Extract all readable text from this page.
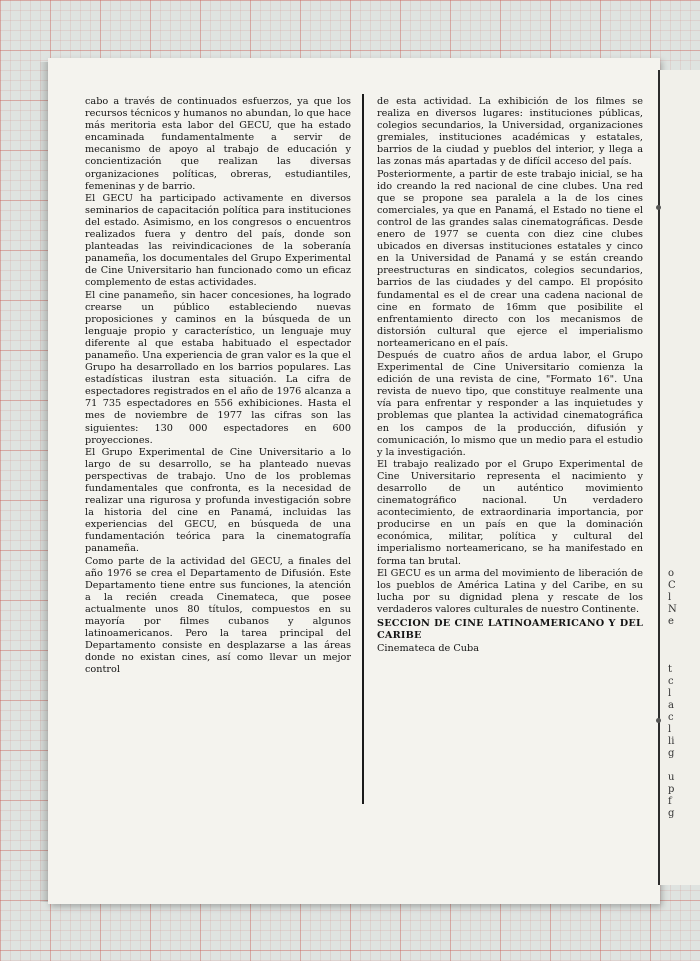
cabo a través de continuados esfuerzos, ya que los recursos técnicos y humanos no abundan, lo que hace más meritoria esta labor del GECU, que ha estado encaminada fundamentalmente a servir de mecanismo de apoyo al trabajo de educación y concientización que realizan las diversas organizaciones políticas, obreras, estudiantiles, femeninas y de barrio.

El GECU ha participado activamente en diversos seminarios de capacitación política para instituciones del estado. Asimismo, en los congresos o encuentros realizados fuera y dentro del país, donde son planteadas las reivindicaciones de la soberanía panameña, los documentales del Grupo Experimental de Cine Universitario han funcionado como un eficaz complemento de estas actividades.

El cine panameño, sin hacer concesiones, ha logrado crearse un público estableciendo nuevas proposiciones y caminos en la búsqueda de un lenguaje propio y característico, un lenguaje muy diferente al que estaba habituado el espectador panameño. Una experiencia de gran valor es la que el Grupo ha desarrollado en los barrios populares. Las estadísticas ilustran esta situación. La cifra de espectadores registrados en el año de 1976 alcanza a 71 735 espectadores en 556 exhibiciones. Hasta el mes de noviembre de 1977 las cifras son las siguientes: 130 000 espectadores en 600 proyecciones.

El Grupo Experimental de Cine Universitario a lo largo de su desarrollo, se ha planteado nuevas perspectivas de trabajo. Uno de los problemas fundamentales que confronta, es la necesidad de realizar una rigurosa y profunda investigación sobre la historia del cine en Panamá, incluidas las experiencias del GECU, en búsqueda de una fundamentación teórica para la cinematografía panameña.

Como parte de la actividad del GECU, a finales del año 1976 se crea el Departamento de Difusión. Este Departamento tiene entre sus funciones, la atención a la recién creada Cinemateca, que posee actualmente unos 80 títulos, compuestos en su mayoría por filmes cubanos y algunos latinoamericanos. Pero la tarea principal del Departamento consiste en desplazarse a las áreas donde no existan cines, así como llevar un mejor control

de esta actividad. La exhibición de los filmes se realiza en diversos lugares: instituciones públicas, colegios secundarios, la Universidad, organizaciones gremiales, instituciones académicas y estatales, barrios de la ciudad y pueblos del interior, y llega a las zonas más apartadas y de difícil acceso del país.

Posteriormente, a partir de este trabajo inicial, se ha ido creando la red nacional de cine clubes. Una red que se propone sea paralela a la de los cines comerciales, ya que en Panamá, el Estado no tiene el control de las grandes salas cinematográficas. Desde enero de 1977 se cuenta con diez cine clubes ubicados en diversas instituciones estatales y cinco en la Universidad de Panamá y se están creando preestructuras en sindicatos, colegios secundarios, barrios de las ciudades y del campo. El propósito fundamental es el de crear una cadena nacional de cine en formato de 16mm que posibilite el enfrentamiento directo con los mecanismos de distorsión cultural que ejerce el imperialismo norteamericano en el país.

Después de cuatro años de ardua labor, el Grupo Experimental de Cine Universitario comienza la edición de una revista de cine, "Formato 16". Una revista de nuevo tipo, que constituye realmente una vía para enfrentar y responder a las inquietudes y problemas que plantea la actividad cinematográfica en los campos de la producción, difusión y comunicación, lo mismo que un medio para el estudio y la investigación.

El trabajo realizado por el Grupo Experimental de Cine Universitario representa el nacimiento y desarrollo de un auténtico movimiento cinematográfico nacional. Un verdadero acontecimiento, de extraordinaria importancia, por producirse en un país en que la dominación económica, militar, política y cultural del imperialismo norteamericano, se ha manifestado en forma tan brutal.

El GECU es un arma del movimiento de liberación de los pueblos de América Latina y del Caribe, en su lucha por su dignidad plena y rescate de los verdaderos valores culturales de nuestro Continente.

SECCION DE CINE LATINOAMERICANO Y DEL CARIBE

Cinemateca de Cuba

o
C
l
N
e
t
c
l
a
c
l
li
g
u
p
f
g
